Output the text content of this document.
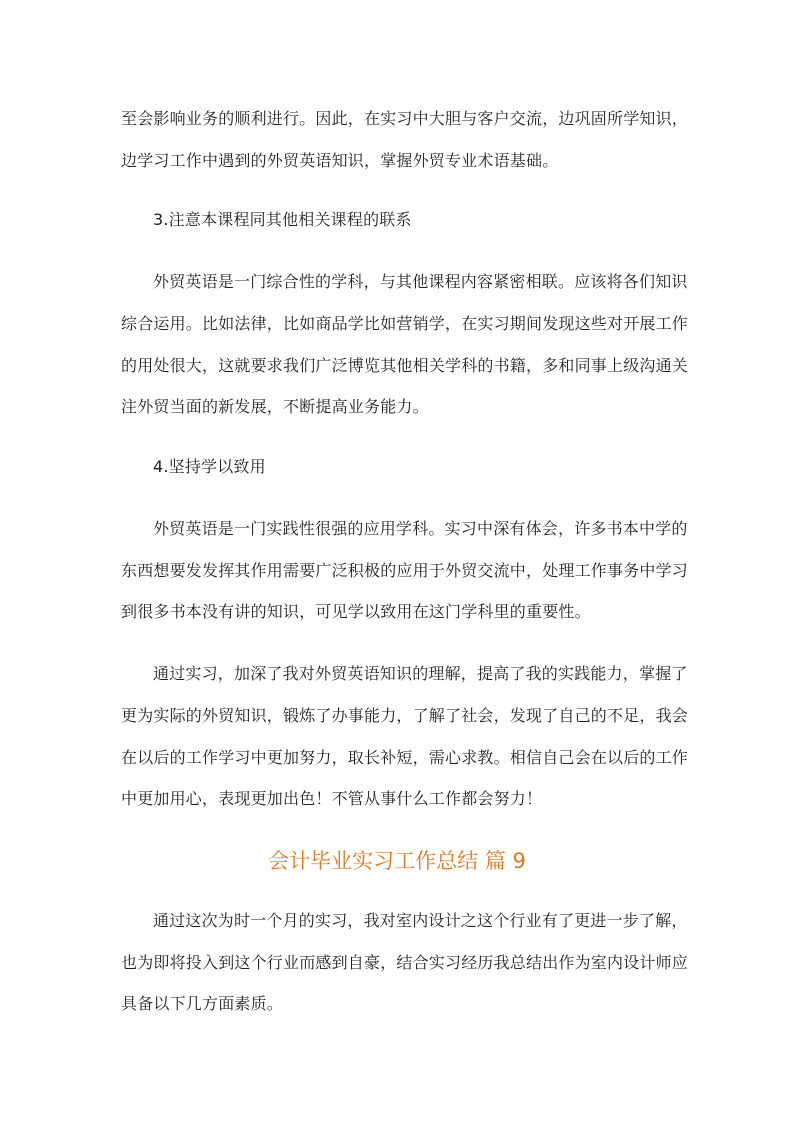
至会影响业务的顺利进行。因此，在实习中大胆与客户交流，边巩固所学知识，
边学习工作中遇到的外贸英语知识，掌握外贸专业术语基础。
3.注意本课程同其他相关课程的联系
外贸英语是一门综合性的学科，与其他课程内容紧密相联。应该将各们知识
综合运用。比如法律，比如商品学比如营销学，在实习期间发现这些对开展工作
的用处很大，这就要求我们广泛博览其他相关学科的书籍，多和同事上级沟通关
注外贸当面的新发展，不断提高业务能力。
4.坚持学以致用
外贸英语是一门实践性很强的应用学科。实习中深有体会，许多书本中学的
东西想要发发挥其作用需要广泛积极的应用于外贸交流中，处理工作事务中学习
到很多书本没有讲的知识，可见学以致用在这门学科里的重要性。
通过实习，加深了我对外贸英语知识的理解，提高了我的实践能力，掌握了
更为实际的外贸知识，锻炼了办事能力，了解了社会，发现了自己的不足，我会
在以后的工作学习中更加努力，取长补短，需心求教。相信自己会在以后的工作
中更加用心，表现更加出色！不管从事什么工作都会努力！
会计毕业实习工作总结 篇 9
通过这次为时一个月的实习，我对室内设计之这个行业有了更进一步了解，
也为即将投入到这个行业而感到自豪，结合实习经历我总结出作为室内设计师应
具备以下几方面素质。
